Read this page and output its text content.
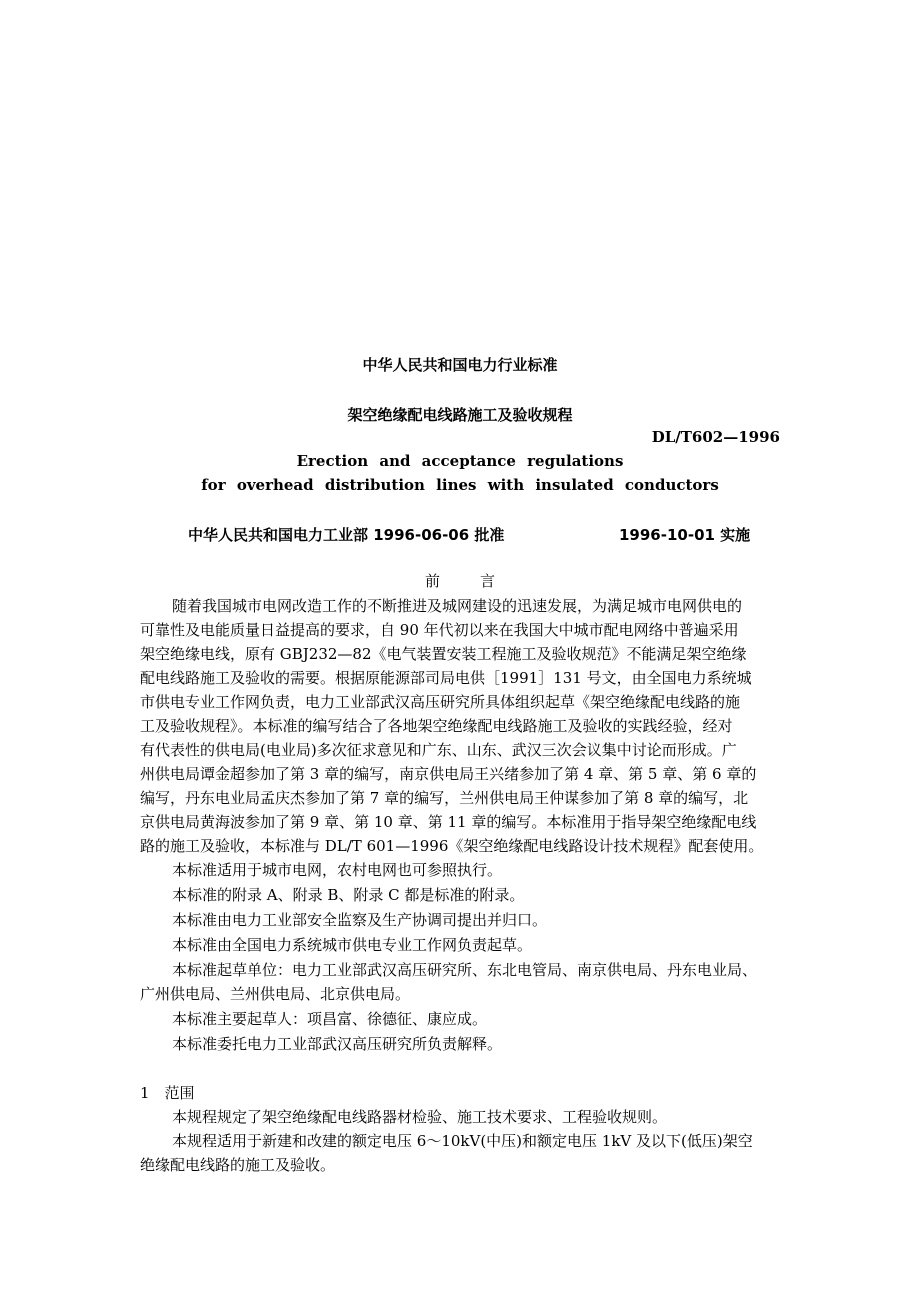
中华人民共和国电力行业标准
架空绝缘配电线路施工及验收规程
DL/T602—1996
Erection and acceptance regulations
for overhead distribution lines with insulated conductors
中华人民共和国电力工业部 1996-06-06 批准	1996-10-01 实施
前言
随着我国城市电网改造工作的不断推进及城网建设的迅速发展，为满足城市电网供电的
可靠性及电能质量日益提高的要求，自 90 年代初以来在我国大中城市配电网络中普遍采用
架空绝缘电线，原有 GBJ232—82《电气装置安装工程施工及验收规范》不能满足架空绝缘
配电线路施工及验收的需要。根据原能源部司局电供［1991］131 号文，由全国电力系统城
市供电专业工作网负责，电力工业部武汉高压研究所具体组织起草《架空绝缘配电线路的施
工及验收规程》。本标准的编写结合了各地架空绝缘配电线路施工及验收的实践经验，经对
有代表性的供电局(电业局)多次征求意见和广东、山东、武汉三次会议集中讨论而形成。广
州供电局谭金超参加了第 3 章的编写，南京供电局王兴绪参加了第 4 章、第 5 章、第 6 章的
编写，丹东电业局孟庆杰参加了第 7 章的编写，兰州供电局王仲谋参加了第 8 章的编写，北
京供电局黄海波参加了第 9 章、第 10 章、第 11 章的编写。本标准用于指导架空绝缘配电线
路的施工及验收，本标准与 DL/T 601—1996《架空绝缘配电线路设计技术规程》配套使用。
本标准适用于城市电网，农村电网也可参照执行。
本标准的附录 A、附录 B、附录 C 都是标准的附录。
本标准由电力工业部安全监察及生产协调司提出并归口。
本标准由全国电力系统城市供电专业工作网负责起草。
本标准起草单位：电力工业部武汉高压研究所、东北电管局、南京供电局、丹东电业局、
广州供电局、兰州供电局、北京供电局。
本标准主要起草人：项昌富、徐德征、康应成。
本标准委托电力工业部武汉高压研究所负责解释。
1　范围
本规程规定了架空绝缘配电线路器材检验、施工技术要求、工程验收规则。
本规程适用于新建和改建的额定电压 6～10kV(中压)和额定电压 1kV 及以下(低压)架空
绝缘配电线路的施工及验收。
